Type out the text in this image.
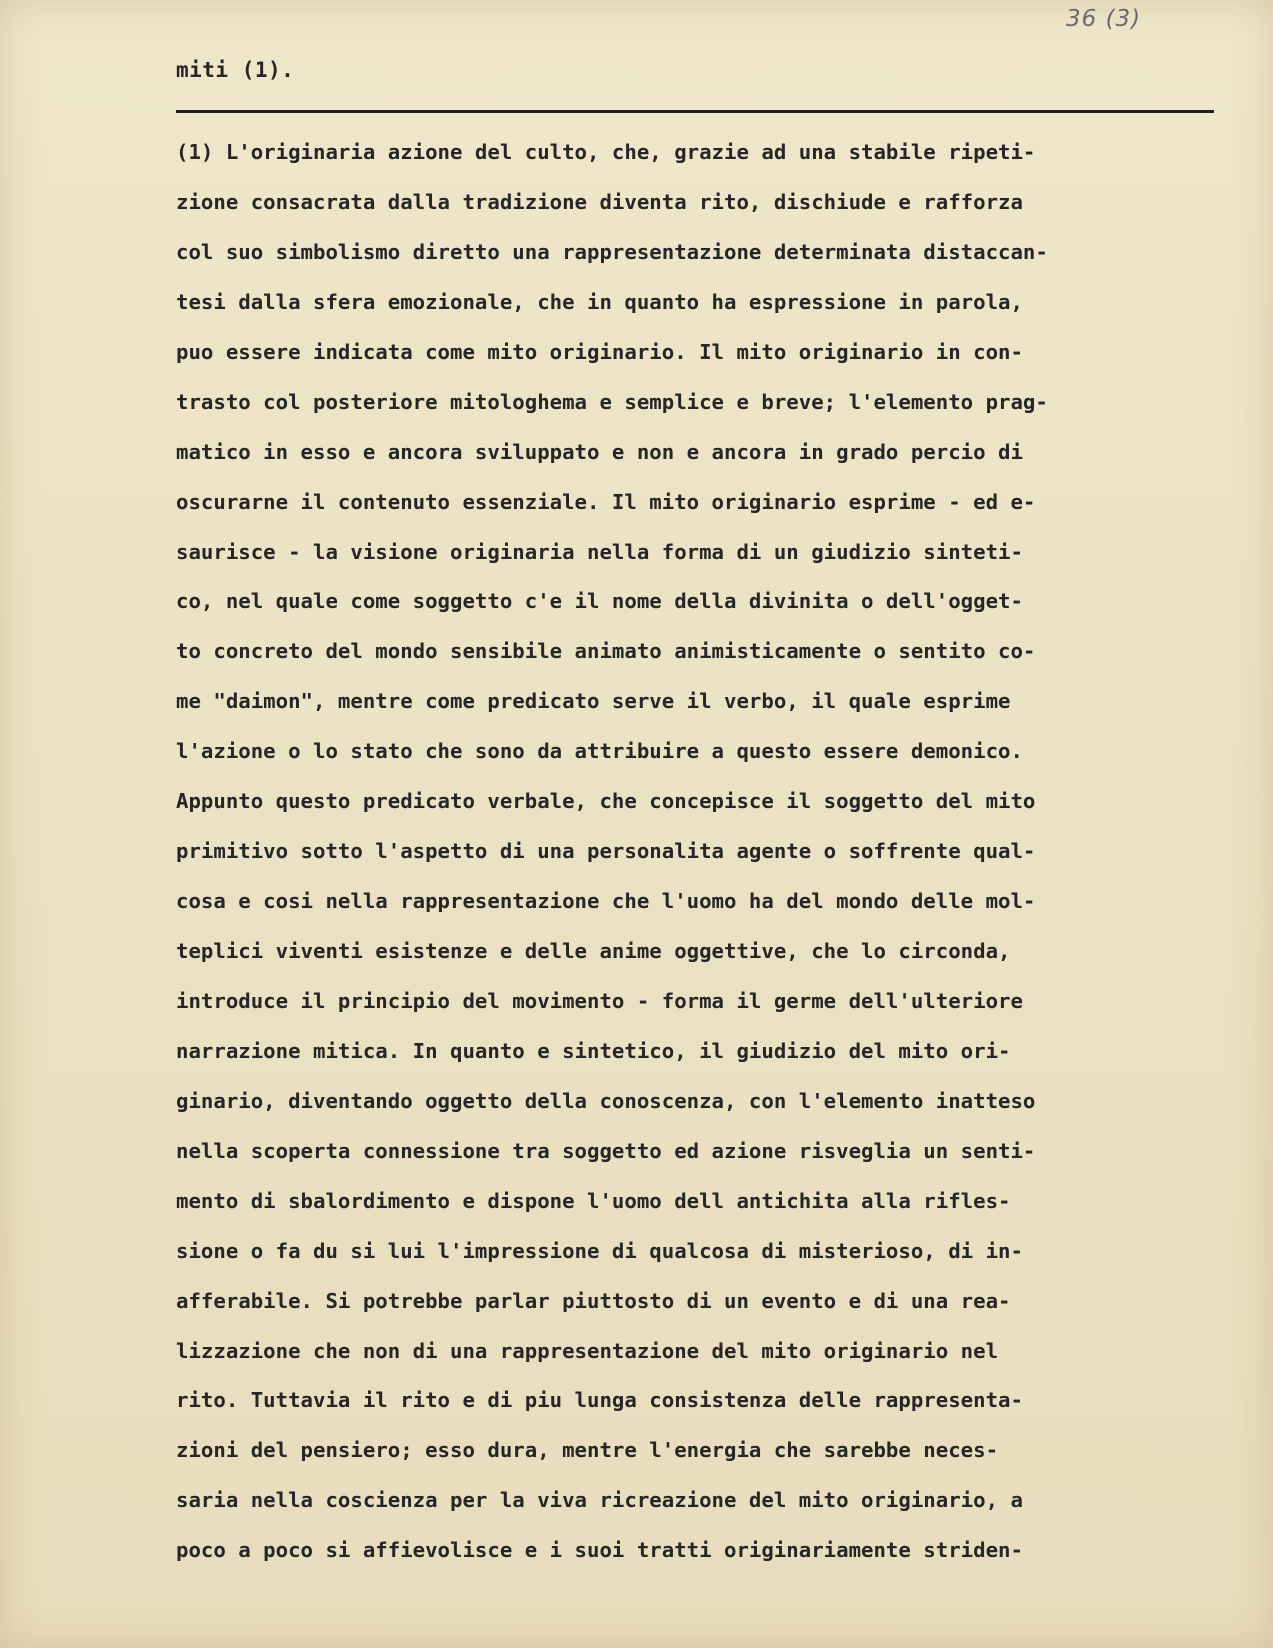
36 (3)
miti (1).
(1) L'originaria azione del culto, che, grazie ad una stabile ripeti-
zione consacrata dalla tradizione diventa rito, dischiude e rafforza
col suo simbolismo diretto una rappresentazione determinata distaccan-
tesi dalla sfera emozionale, che in quanto ha espressione in parola,
puo essere indicata come mito originario. Il mito originario in con-
trasto col posteriore mitologhema e semplice e breve; l'elemento prag-
matico in esso e ancora sviluppato e non e ancora in grado percio di
oscurarne il contenuto essenziale. Il mito originario esprime - ed e-
saurisce - la visione originaria nella forma di un giudizio sinteti-
co, nel quale come soggetto c'e il nome della divinita o dell'ogget-
to concreto del mondo sensibile animato animisticamente o sentito co-
me "daimon", mentre come predicato serve il verbo, il quale esprime
l'azione o lo stato che sono da attribuire a questo essere demonico.
Appunto questo predicato verbale, che concepisce il soggetto del mito
primitivo sotto l'aspetto di una personalita agente o soffrente qual-
cosa e cosi nella rappresentazione che l'uomo ha del mondo delle mol-
teplici viventi esistenze e delle anime oggettive, che lo circonda,
introduce il principio del movimento - forma il germe dell'ulteriore
narrazione mitica. In quanto e sintetico, il giudizio del mito ori-
ginario, diventando oggetto della conoscenza, con l'elemento inatteso
nella scoperta connessione tra soggetto ed azione risveglia un senti-
mento di sbalordimento e dispone l'uomo dell antichita alla rifles-
sione o fa du si lui l'impressione di qualcosa di misterioso, di in-
afferabile. Si potrebbe parlar piuttosto di un evento e di una rea-
lizzazione che non di una rappresentazione del mito originario nel
rito. Tuttavia il rito e di piu lunga consistenza delle rappresenta-
zioni del pensiero; esso dura, mentre l'energia che sarebbe neces-
saria nella coscienza per la viva ricreazione del mito originario, a
poco a poco si affievolisce e i suoi tratti originariamente striden-
